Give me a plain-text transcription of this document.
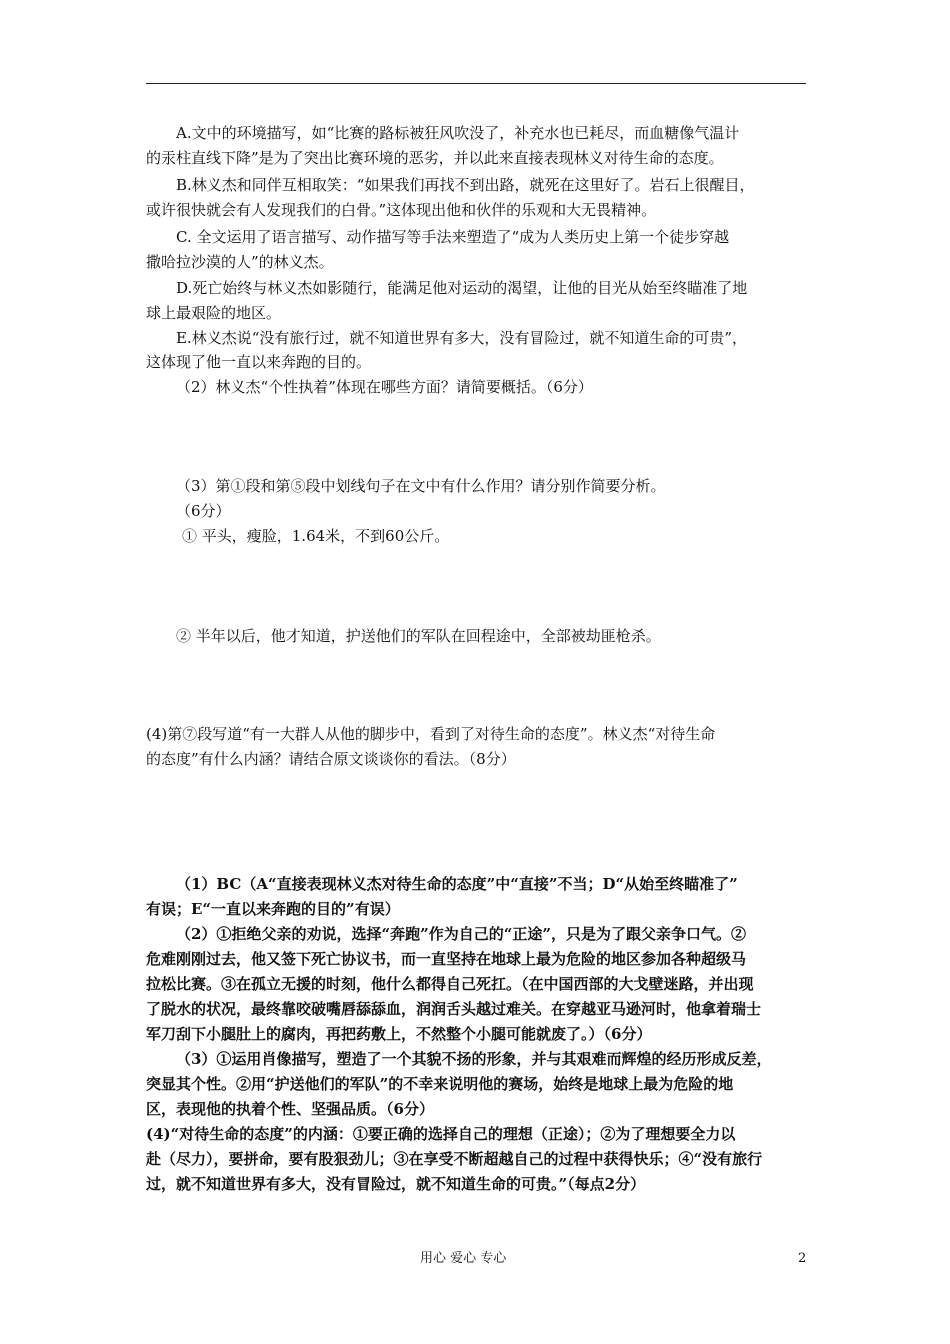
A.文中的环境描写，如“比赛的路标被狂风吹没了，补充水也已耗尽，而血糖像气温计

的汞柱直线下降”是为了突出比赛环境的恶劣，并以此来直接表现林义对待生命的态度。

B.林义杰和同伴互相取笑：“如果我们再找不到出路，就死在这里好了。岩石上很醒目，

或许很快就会有人发现我们的白骨。”这体现出他和伙伴的乐观和大无畏精神。

C. 全文运用了语言描写、动作描写等手法来塑造了“成为人类历史上第一个徒步穿越

撒哈拉沙漠的人”的林义杰。

D.死亡始终与林义杰如影随行，能满足他对运动的渴望，让他的目光从始至终瞄准了地

球上最艰险的地区。

E.林义杰说“没有旅行过，就不知道世界有多大，没有冒险过，就不知道生命的可贵”，

这体现了他一直以来奔跑的目的。

（2）林义杰“个性执着”体现在哪些方面？请简要概括。（6分）

（3）第①段和第⑤段中划线句子在文中有什么作用？请分别作简要分析。

（6分）

① 平头，瘦脸，1.64米，不到60公斤。

② 半年以后，他才知道，护送他们的军队在回程途中，全部被劫匪枪杀。

(4)第⑦段写道“有一大群人从他的脚步中，看到了对待生命的态度”。林义杰“对待生命

的态度”有什么内涵？请结合原文谈谈你的看法。（8分）

（1）BC（A“直接表现林义杰对待生命的态度”中“直接”不当；D“从始至终瞄准了”

有误；E“一直以来奔跑的目的”有误）

（2）①拒绝父亲的劝说，选择“奔跑”作为自己的“正途”，只是为了跟父亲争口气。②

危难刚刚过去，他又签下死亡协议书，而一直坚持在地球上最为危险的地区参加各种超级马

拉松比赛。③在孤立无援的时刻，他什么都得自己死扛。（在中国西部的大戈壁迷路，并出现

了脱水的状况，最终靠咬破嘴唇舔舔血，润润舌头越过难关。在穿越亚马逊河时，他拿着瑞士

军刀刮下小腿肚上的腐肉，再把药敷上，不然整个小腿可能就废了。）（6分）

（3）①运用肖像描写，塑造了一个其貌不扬的形象，并与其艰难而辉煌的经历形成反差，

突显其个性。②用“护送他们的军队”的不幸来说明他的赛场，始终是地球上最为危险的地

区，表现他的执着个性、坚强品质。（6分）

(4)“对待生命的态度”的内涵：①要正确的选择自己的理想（正途）；②为了理想要全力以

赴（尽力），要拼命，要有股狠劲儿；③在享受不断超越自己的过程中获得快乐；④“没有旅行

过，就不知道世界有多大，没有冒险过，就不知道生命的可贵。”（每点2分）

用心 爱心 专心	2
